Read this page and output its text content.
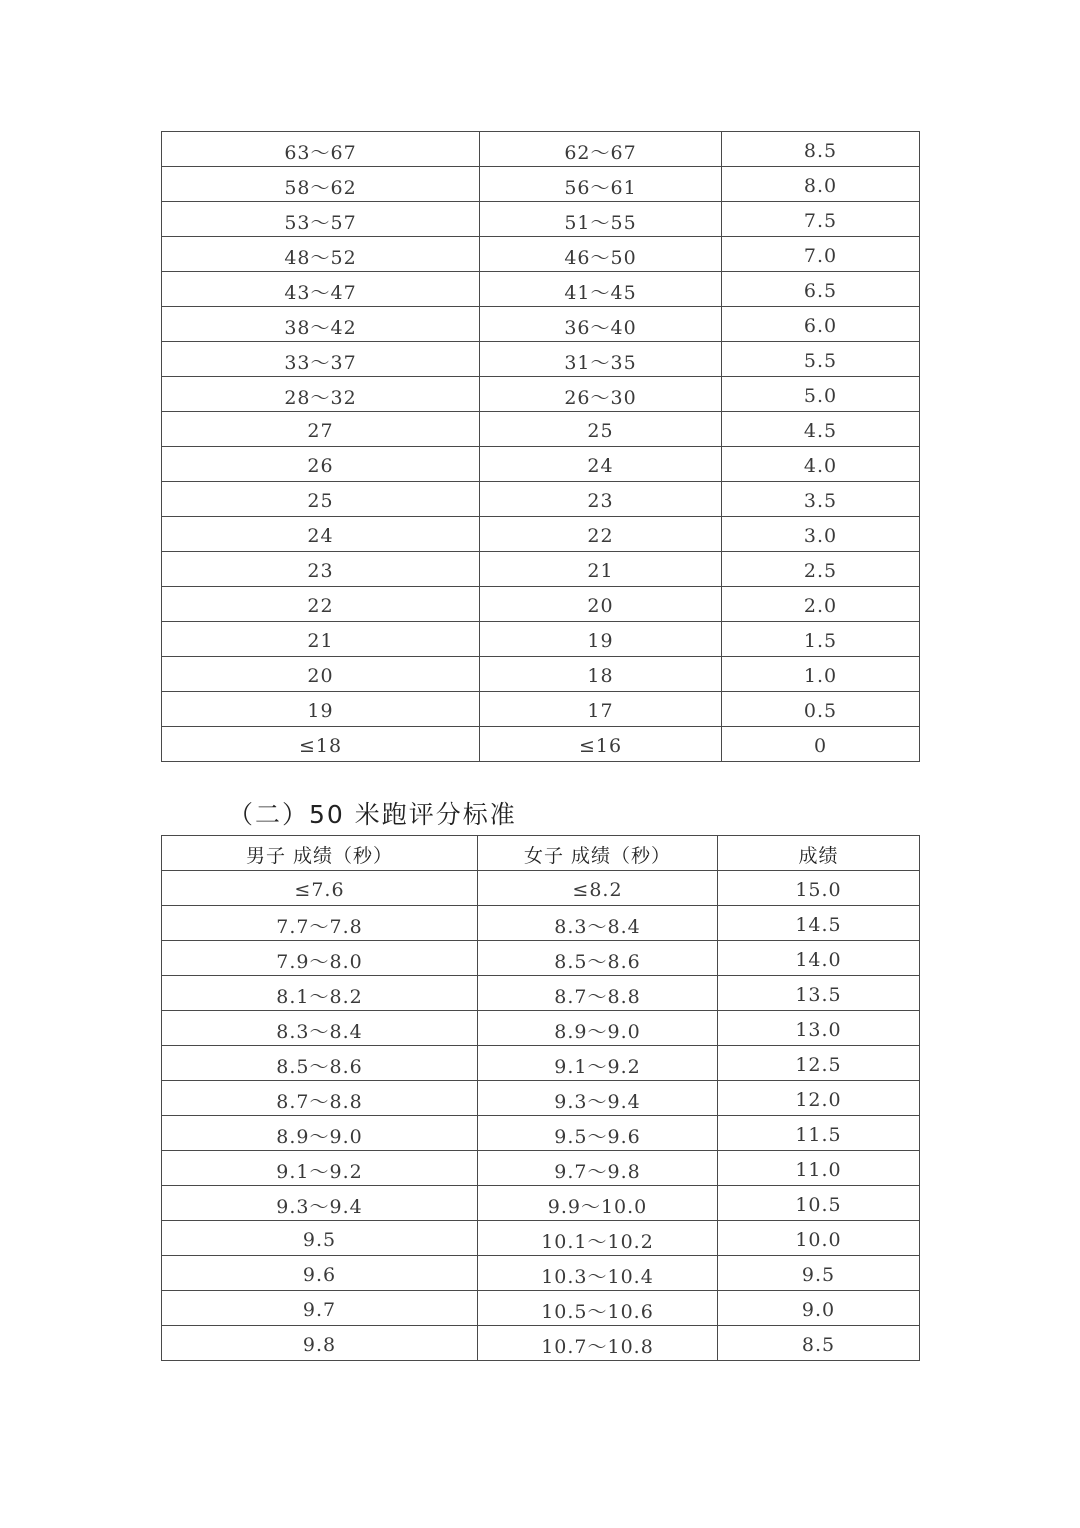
63～67	62～67	8.5
58～62	56～61	8.0
53～57	51～55	7.5
48～52	46～50	7.0
43～47	41～45	6.5
38～42	36～40	6.0
33～37	31～35	5.5
28～32	26～30	5.0
27	25	4.5
26	24	4.0
25	23	3.5
24	22	3.0
23	21	2.5
22	20	2.0
21	19	1.5
20	18	1.0
19	17	0.5
≤18	≤16	0
（二）50 米跑评分标准
男子 成绩（秒）	女子 成绩（秒）	成绩
≤7.6	≤8.2	15.0
7.7～7.8	8.3～8.4	14.5
7.9～8.0	8.5～8.6	14.0
8.1～8.2	8.7～8.8	13.5
8.3～8.4	8.9～9.0	13.0
8.5～8.6	9.1～9.2	12.5
8.7～8.8	9.3～9.4	12.0
8.9～9.0	9.5～9.6	11.5
9.1～9.2	9.7～9.8	11.0
9.3～9.4	9.9～10.0	10.5
9.5	10.1～10.2	10.0
9.6	10.3～10.4	9.5
9.7	10.5～10.6	9.0
9.8	10.7～10.8	8.5
